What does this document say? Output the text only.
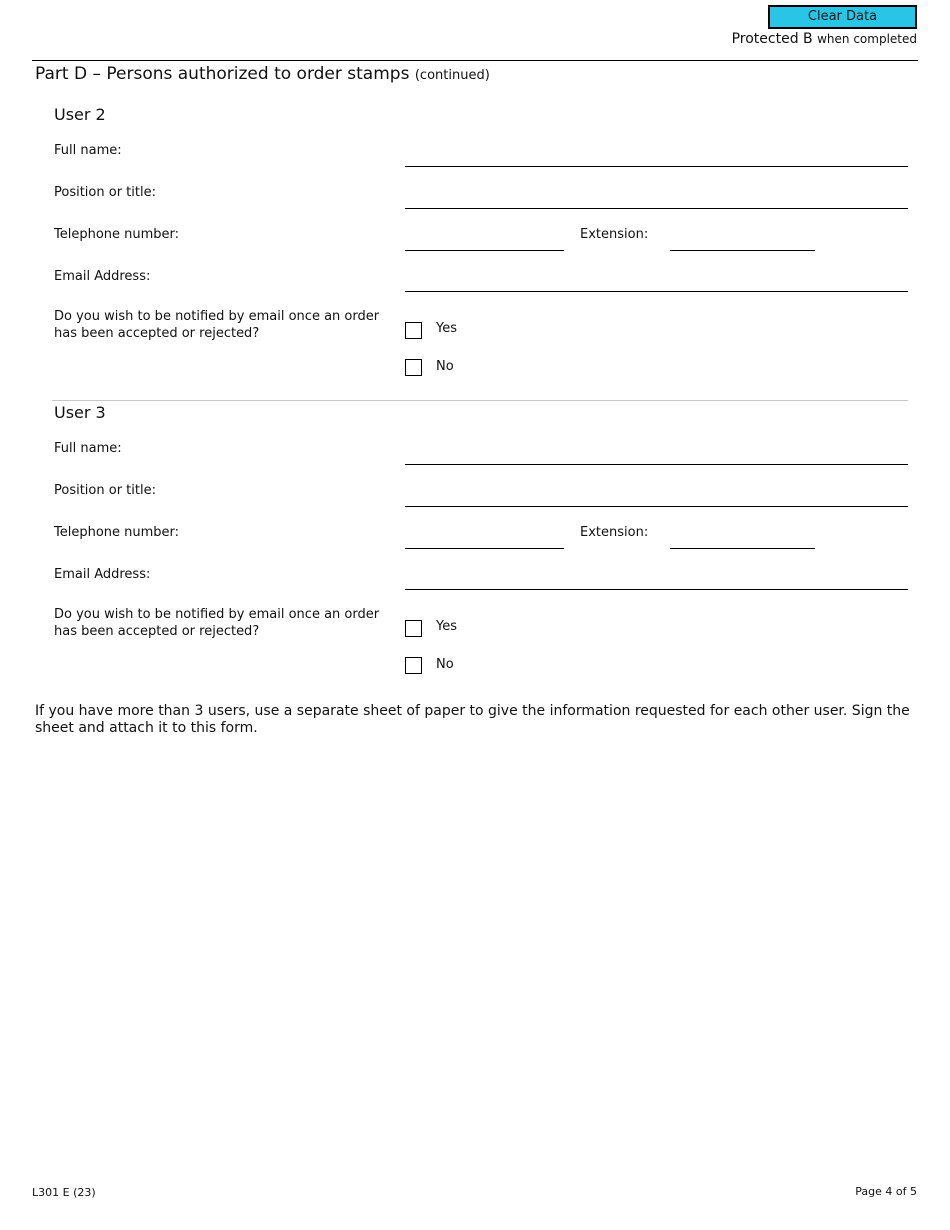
Clear Data
Protected B when completed
Part D – Persons authorized to order stamps (continued)
User 2
Full name:
Position or title:
Telephone number:	Extension:
Email Address:
Do you wish to be notified by email once an order has been accepted or rejected?	Yes
No
User 3
Full name:
Position or title:
Telephone number:	Extension:
Email Address:
Do you wish to be notified by email once an order has been accepted or rejected?	Yes
No
If you have more than 3 users, use a separate sheet of paper to give the information requested for each other user. Sign the sheet and attach it to this form.
L301 E (23)	Page 4 of 5
